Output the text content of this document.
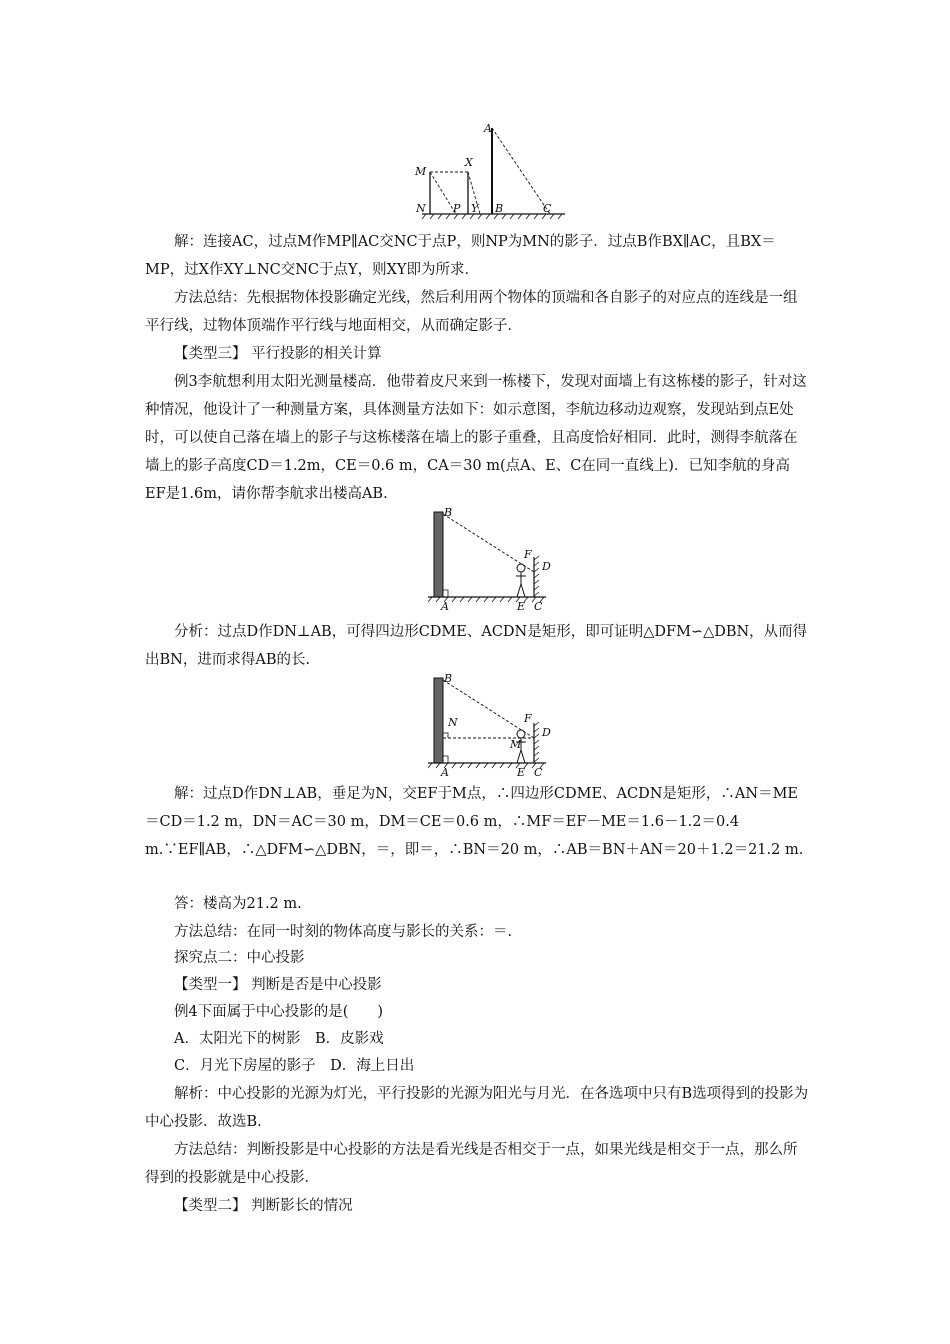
A
X
M
N P Y B	C

解：连接AC，过点M作MP∥AC交NC于点P，则NP为MN的影子．过点B作BX∥AC，且BX＝MP，过X作XY⊥NC交NC于点Y，则XY即为所求．

方法总结：先根据物体投影确定光线，然后利用两个物体的顶端和各自影子的对应点的连线是一组平行线，过物体顶端作平行线与地面相交，从而确定影子．

【类型三】 平行投影的相关计算

例3李航想利用太阳光测量楼高．他带着皮尺来到一栋楼下，发现对面墙上有这栋楼的影子，针对这种情况，他设计了一种测量方案，具体测量方法如下：如示意图，李航边移动边观察，发现站到点E处时，可以使自己落在墙上的影子与这栋楼落在墙上的影子重叠，且高度恰好相同．此时，测得李航落在墙上的影子高度CD＝1.2m，CE＝0.6 m，CA＝30 m(点A、E、C在同一直线上)．已知李航的身高EF是1.6m，请你帮李航求出楼高AB.

B
F
D
A	E C

分析：过点D作DN⊥AB，可得四边形CDME、ACDN是矩形，即可证明△DFM∽△DBN，从而得出BN，进而求得AB的长.

B
N	F
M
D
A	E C

解：过点D作DN⊥AB，垂足为N，交EF于M点，∴四边形CDME、ACDN是矩形，∴AN＝ME＝CD＝1.2 m，DN＝AC＝30 m，DM＝CE＝0.6 m，∴MF＝EF－ME＝1.6－1.2＝0.4 m.∵EF∥AB，∴△DFM∽△DBN，＝，即＝，∴BN＝20 m，∴AB＝BN＋AN＝20＋1.2＝21.2 m.

答：楼高为21.2 m.

方法总结：在同一时刻的物体高度与影长的关系：＝.

探究点二：中心投影

【类型一】 判断是否是中心投影

例4下面属于中心投影的是(　　)

A．太阳光下的树影　B．皮影戏

C．月光下房屋的影子　D．海上日出

解析：中心投影的光源为灯光，平行投影的光源为阳光与月光．在各选项中只有B选项得到的投影为中心投影．故选B.

方法总结：判断投影是中心投影的方法是看光线是否相交于一点，如果光线是相交于一点，那么所得到的投影就是中心投影．

【类型二】 判断影长的情况
